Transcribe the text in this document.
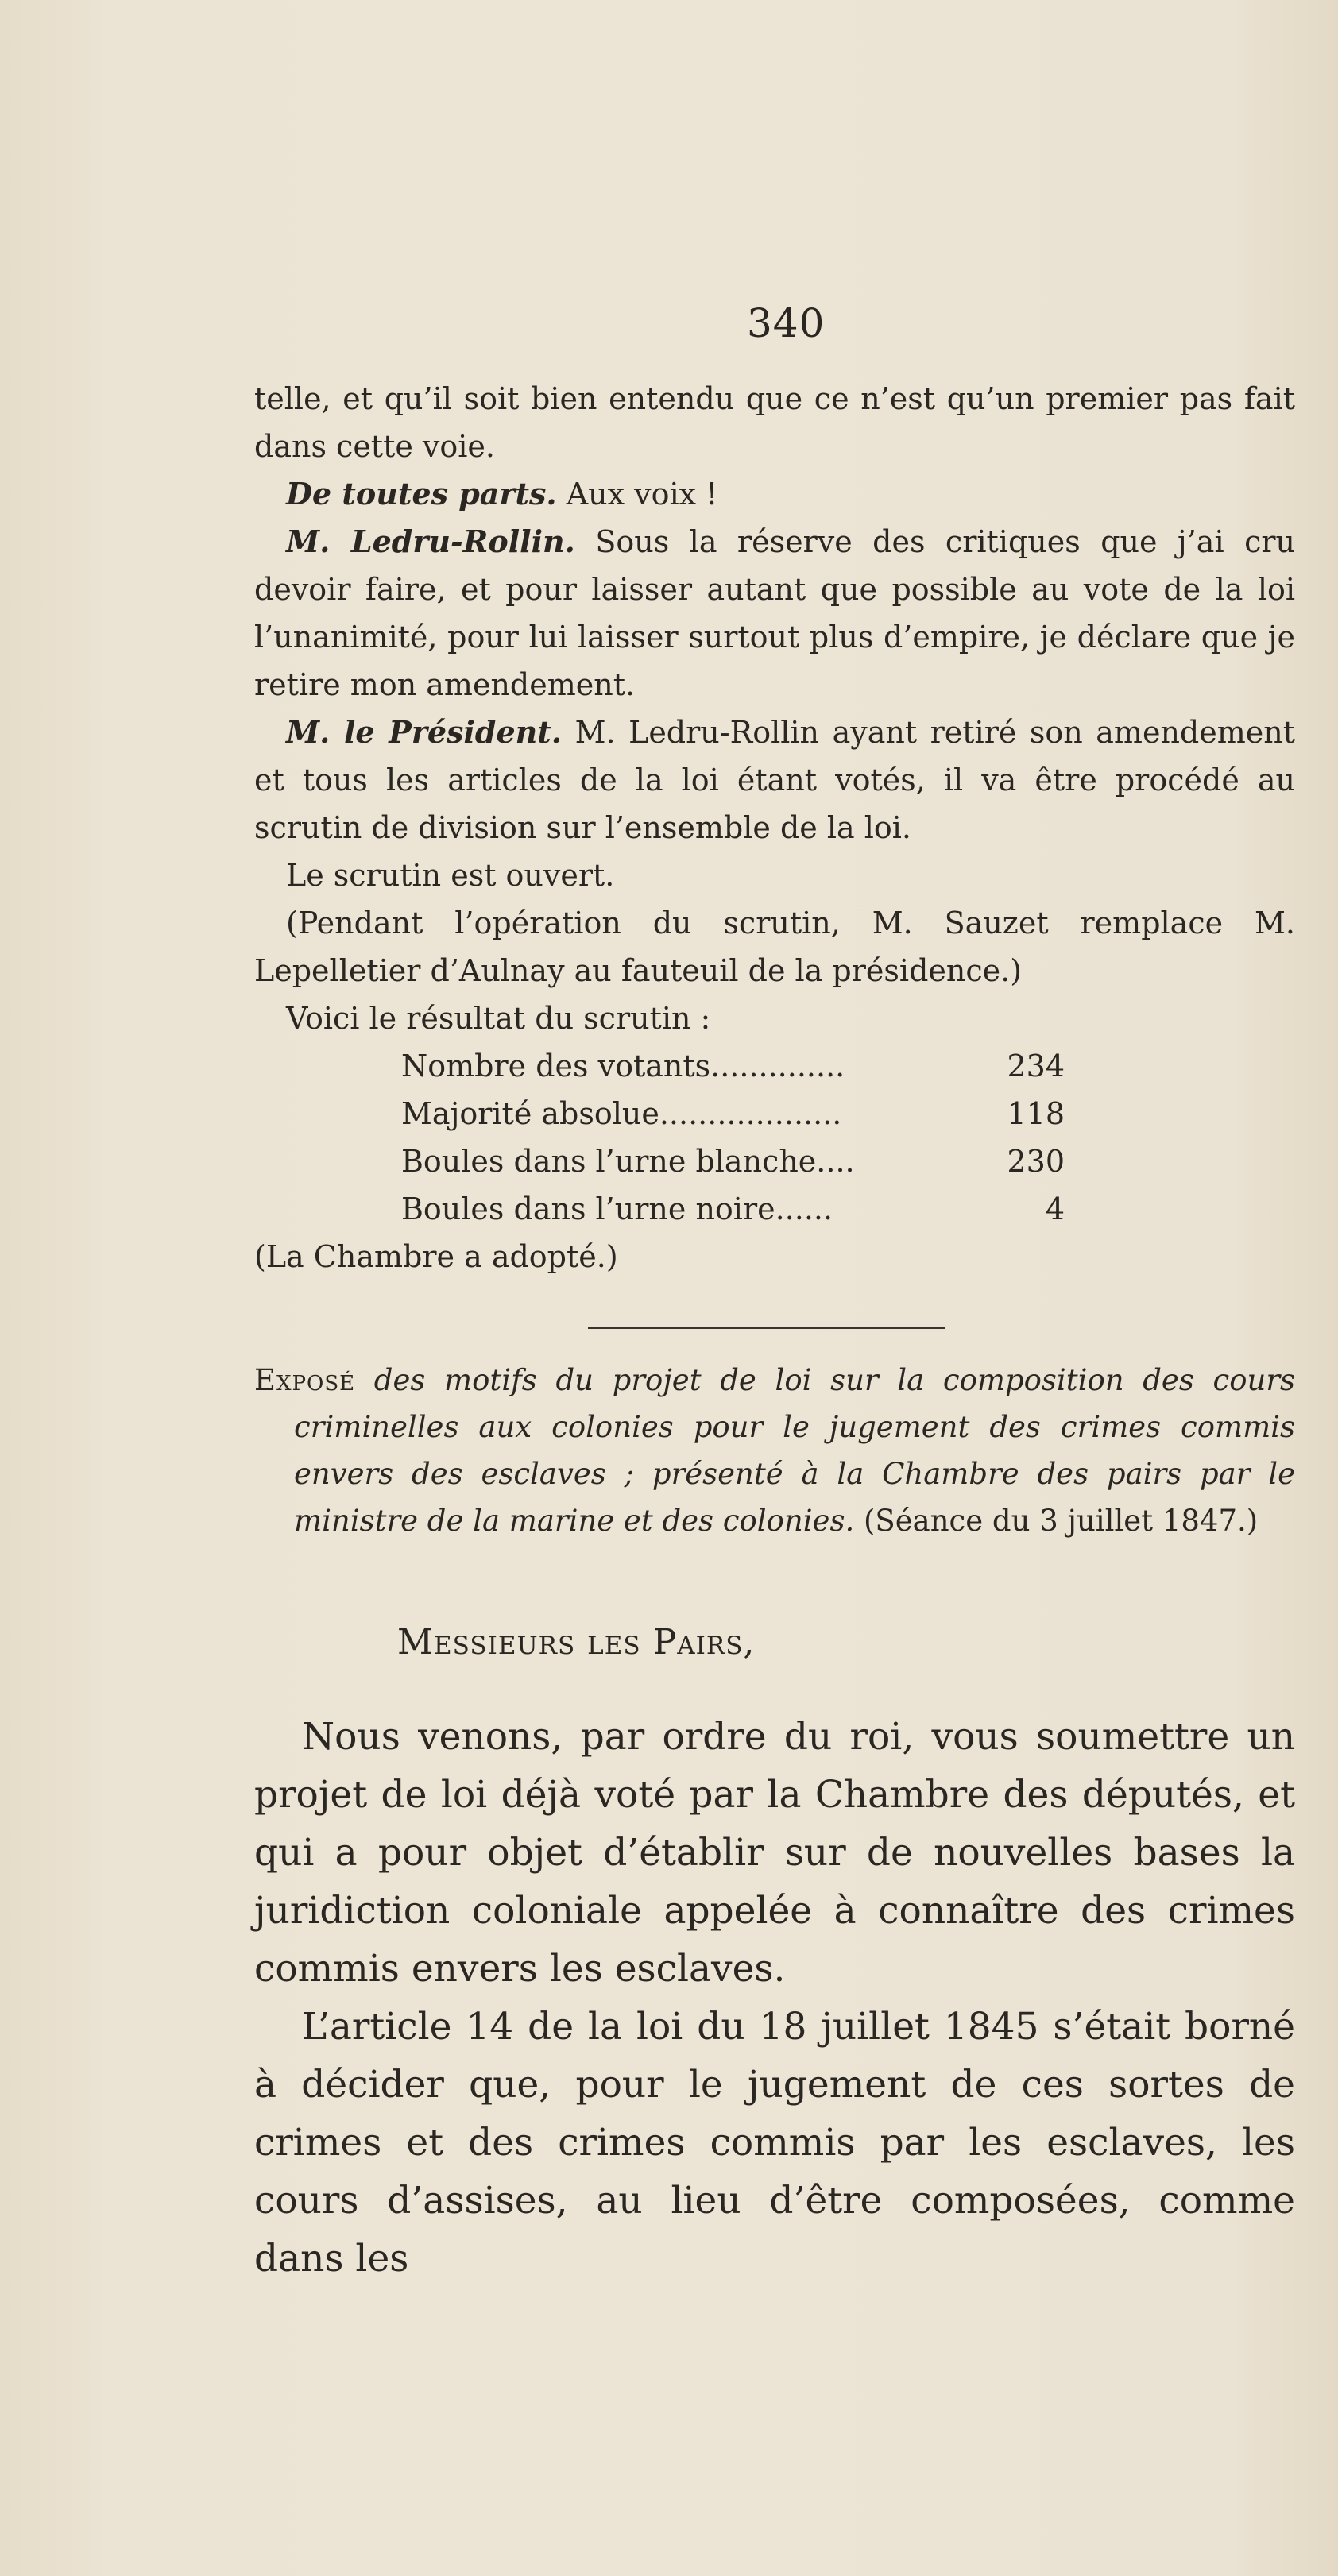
340

telle, et qu’il soit bien entendu que ce n’est qu’un premier pas fait dans cette voie.

De toutes parts. Aux voix !

M. Ledru-Rollin. Sous la réserve des critiques que j’ai cru devoir faire, et pour laisser autant que possible au vote de la loi l’unanimité, pour lui laisser surtout plus d’empire, je déclare que je retire mon amendement.

M. le Président. M. Ledru-Rollin ayant retiré son amendement et tous les articles de la loi étant votés, il va être procédé au scrutin de division sur l’ensemble de la loi.

Le scrutin est ouvert.

(Pendant l’opération du scrutin, M. Sauzet remplace M. Lepelletier d’Aulnay au fauteuil de la présidence.)

Voici le résultat du scrutin :

Nombre des votants..............	234
Majorité absolue...................	118
Boules dans l’urne blanche....	230
Boules dans l’urne noire......	4

(La Chambre a adopté.)

Exposé des motifs du projet de loi sur la composition des cours criminelles aux colonies pour le jugement des crimes commis envers des esclaves ; présenté à la Chambre des pairs par le ministre de la marine et des colonies. (Séance du 3 juillet 1847.)
Messieurs les Pairs,

Nous venons, par ordre du roi, vous soumettre un projet de loi déjà voté par la Chambre des députés, et qui a pour objet d’établir sur de nouvelles bases la juridiction coloniale appelée à connaître des crimes commis envers les esclaves.

L’article 14 de la loi du 18 juillet 1845 s’était borné à décider que, pour le jugement de ces sortes de crimes et des crimes commis par les esclaves, les cours d’assises, au lieu d’être composées, comme dans les
